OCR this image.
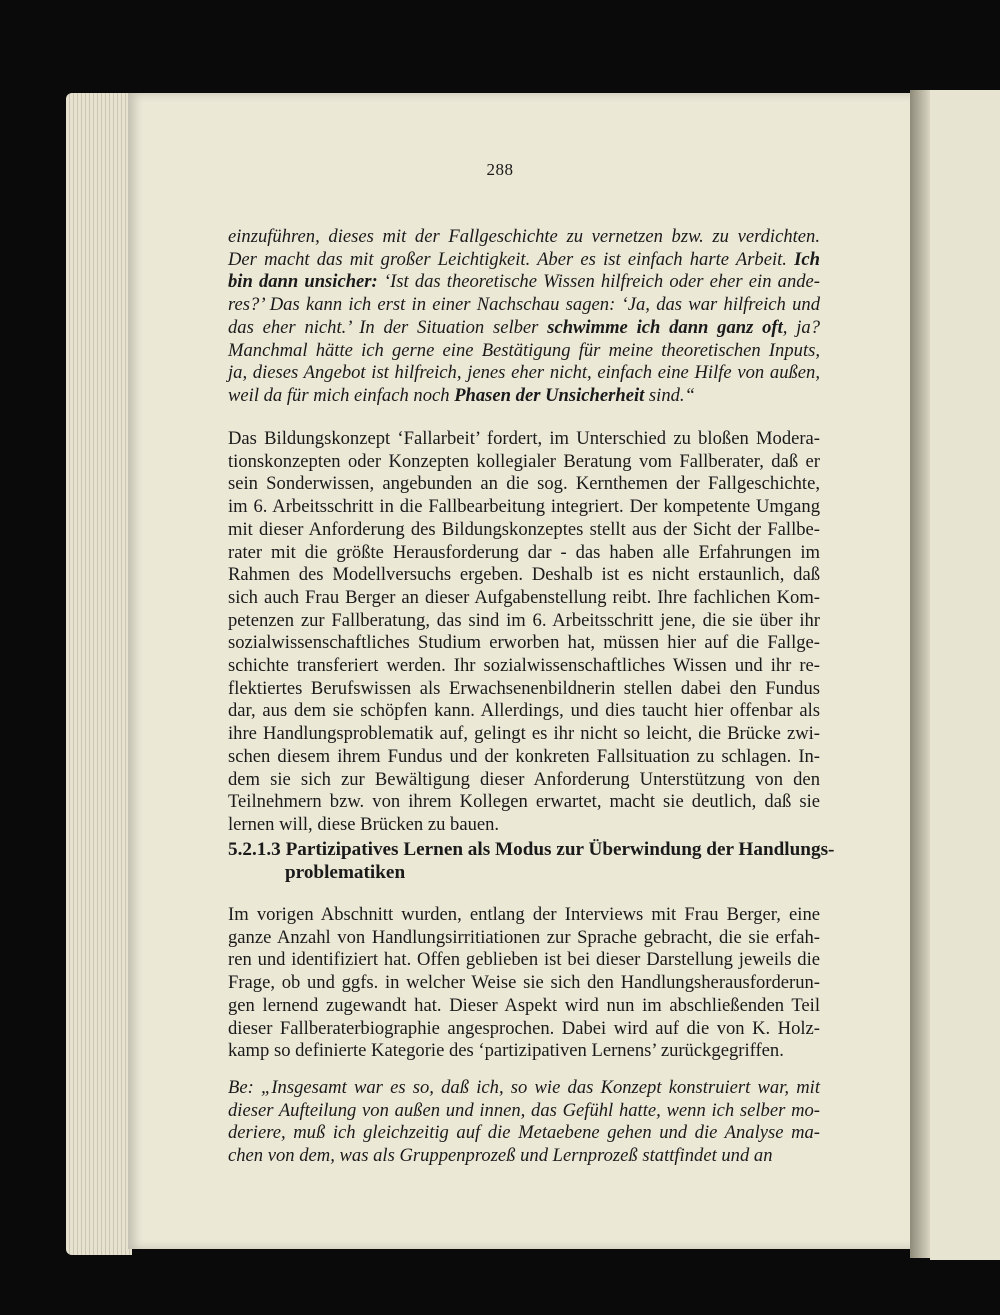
288
einzuführen, dieses mit der Fallgeschichte zu vernetzen bzw. zu verdichten.
Der macht das mit großer Leichtigkeit. Aber es ist einfach harte Arbeit. Ich
bin dann unsicher: ‘Ist das theoretische Wissen hilfreich oder eher ein ande-
res?’ Das kann ich erst in einer Nachschau sagen: ‘Ja, das war hilfreich und
das eher nicht.’ In der Situation selber schwimme ich dann ganz oft, ja?
Manchmal hätte ich gerne eine Bestätigung für meine theoretischen Inputs,
ja, dieses Angebot ist hilfreich, jenes eher nicht, einfach eine Hilfe von außen,
weil da für mich einfach noch Phasen der Unsicherheit sind.“
Das Bildungskonzept ‘Fallarbeit’ fordert, im Unterschied zu bloßen Modera-
tionskonzepten oder Konzepten kollegialer Beratung vom Fallberater, daß er
sein Sonderwissen, angebunden an die sog. Kernthemen der Fallgeschichte,
im 6. Arbeitsschritt in die Fallbearbeitung integriert. Der kompetente Umgang
mit dieser Anforderung des Bildungskonzeptes stellt aus der Sicht der Fallbe-
rater mit die größte Herausforderung dar - das haben alle Erfahrungen im
Rahmen des Modellversuchs ergeben. Deshalb ist es nicht erstaunlich, daß
sich auch Frau Berger an dieser Aufgabenstellung reibt. Ihre fachlichen Kom-
petenzen zur Fallberatung, das sind im 6. Arbeitsschritt jene, die sie über ihr
sozialwissenschaftliches Studium erworben hat, müssen hier auf die Fallge-
schichte transferiert werden. Ihr sozialwissenschaftliches Wissen und ihr re-
flektiertes Berufswissen als Erwachsenenbildnerin stellen dabei den Fundus
dar, aus dem sie schöpfen kann. Allerdings, und dies taucht hier offenbar als
ihre Handlungsproblematik auf, gelingt es ihr nicht so leicht, die Brücke zwi-
schen diesem ihrem Fundus und der konkreten Fallsituation zu schlagen. In-
dem sie sich zur Bewältigung dieser Anforderung Unterstützung von den
Teilnehmern bzw. von ihrem Kollegen erwartet, macht sie deutlich, daß sie
lernen will, diese Brücken zu bauen.
5.2.1.3 Partizipatives Lernen als Modus zur Überwindung der Handlungs-
problematiken
Im vorigen Abschnitt wurden, entlang der Interviews mit Frau Berger, eine
ganze Anzahl von Handlungsirritiationen zur Sprache gebracht, die sie erfah-
ren und identifiziert hat. Offen geblieben ist bei dieser Darstellung jeweils die
Frage, ob und ggfs. in welcher Weise sie sich den Handlungsherausforderun-
gen lernend zugewandt hat. Dieser Aspekt wird nun im abschließenden Teil
dieser Fallberaterbiographie angesprochen. Dabei wird auf die von K. Holz-
kamp so definierte Kategorie des ‘partizipativen Lernens’ zurückgegriffen.
Be: „Insgesamt war es so, daß ich, so wie das Konzept konstruiert war, mit
dieser Aufteilung von außen und innen, das Gefühl hatte, wenn ich selber mo-
deriere, muß ich gleichzeitig auf die Metaebene gehen und die Analyse ma-
chen von dem, was als Gruppenprozeß und Lernprozeß stattfindet und an
